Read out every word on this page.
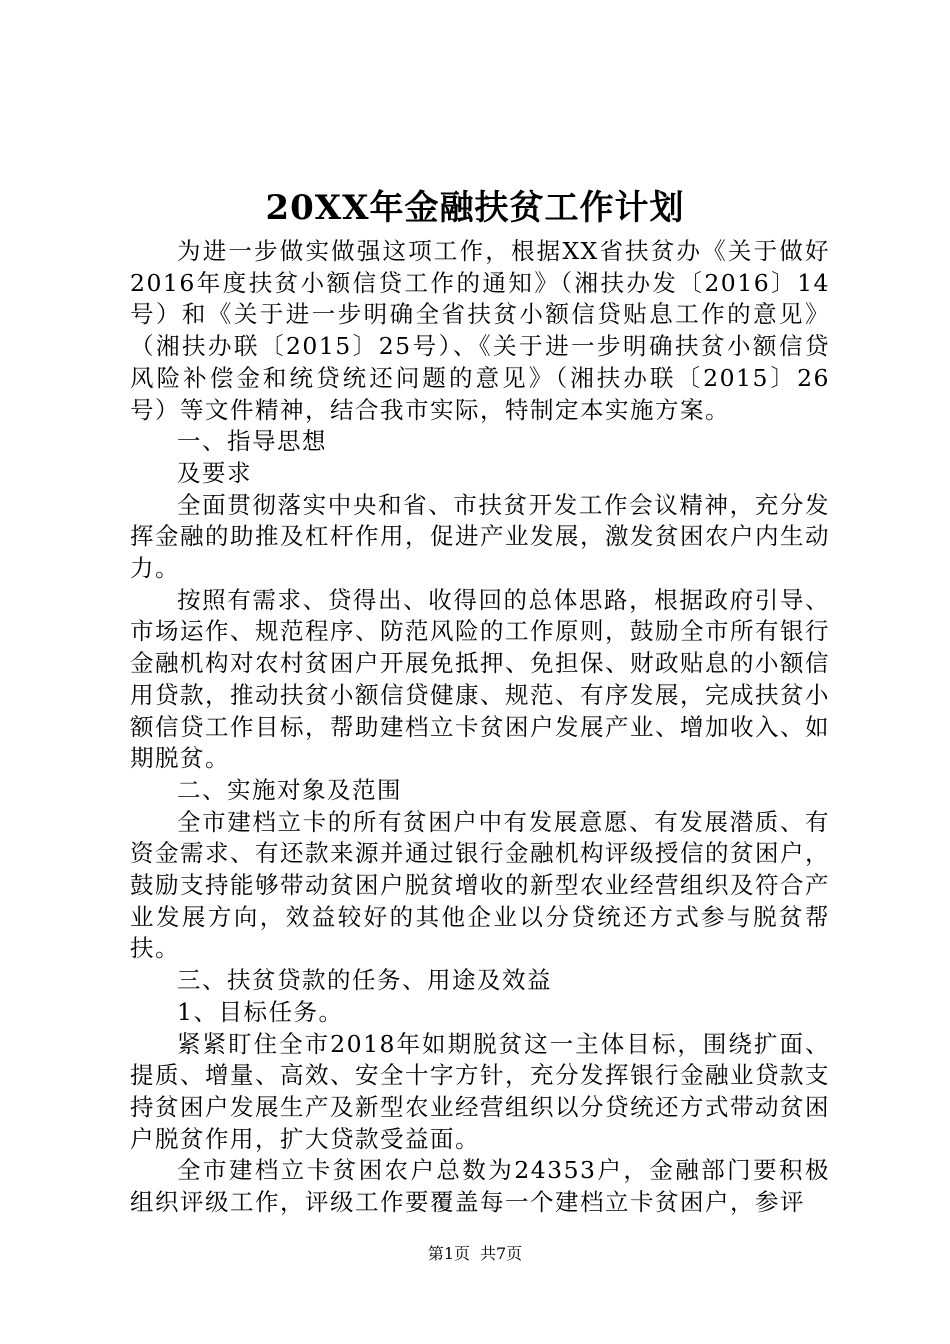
20XX年金融扶贫工作计划

为进一步做实做强这项工作，根据XX省扶贫办《关于做好2016年度扶贫小额信贷工作的通知》（湘扶办发〔2016〕14号）和《关于进一步明确全省扶贫小额信贷贴息工作的意见》（湘扶办联〔2015〕25号）、《关于进一步明确扶贫小额信贷风险补偿金和统贷统还问题的意见》（湘扶办联〔2015〕26号）等文件精神，结合我市实际，特制定本实施方案。

一、指导思想

及要求

全面贯彻落实中央和省、市扶贫开发工作会议精神，充分发挥金融的助推及杠杆作用，促进产业发展，激发贫困农户内生动力。

按照有需求、贷得出、收得回的总体思路，根据政府引导、市场运作、规范程序、防范风险的工作原则，鼓励全市所有银行金融机构对农村贫困户开展免抵押、免担保、财政贴息的小额信用贷款，推动扶贫小额信贷健康、规范、有序发展，完成扶贫小额信贷工作目标，帮助建档立卡贫困户发展产业、增加收入、如期脱贫。

二、实施对象及范围

全市建档立卡的所有贫困户中有发展意愿、有发展潜质、有资金需求、有还款来源并通过银行金融机构评级授信的贫困户，鼓励支持能够带动贫困户脱贫增收的新型农业经营组织及符合产业发展方向，效益较好的其他企业以分贷统还方式参与脱贫帮扶。

三、扶贫贷款的任务、用途及效益

1、目标任务。

紧紧盯住全市2018年如期脱贫这一主体目标，围绕扩面、提质、增量、高效、安全十字方针，充分发挥银行金融业贷款支持贫困户发展生产及新型农业经营组织以分贷统还方式带动贫困户脱贫作用，扩大贷款受益面。

全市建档立卡贫困农户总数为24353户，金融部门要积极组织评级工作，评级工作要覆盖每一个建档立卡贫困户，参评

第1页 共7页
